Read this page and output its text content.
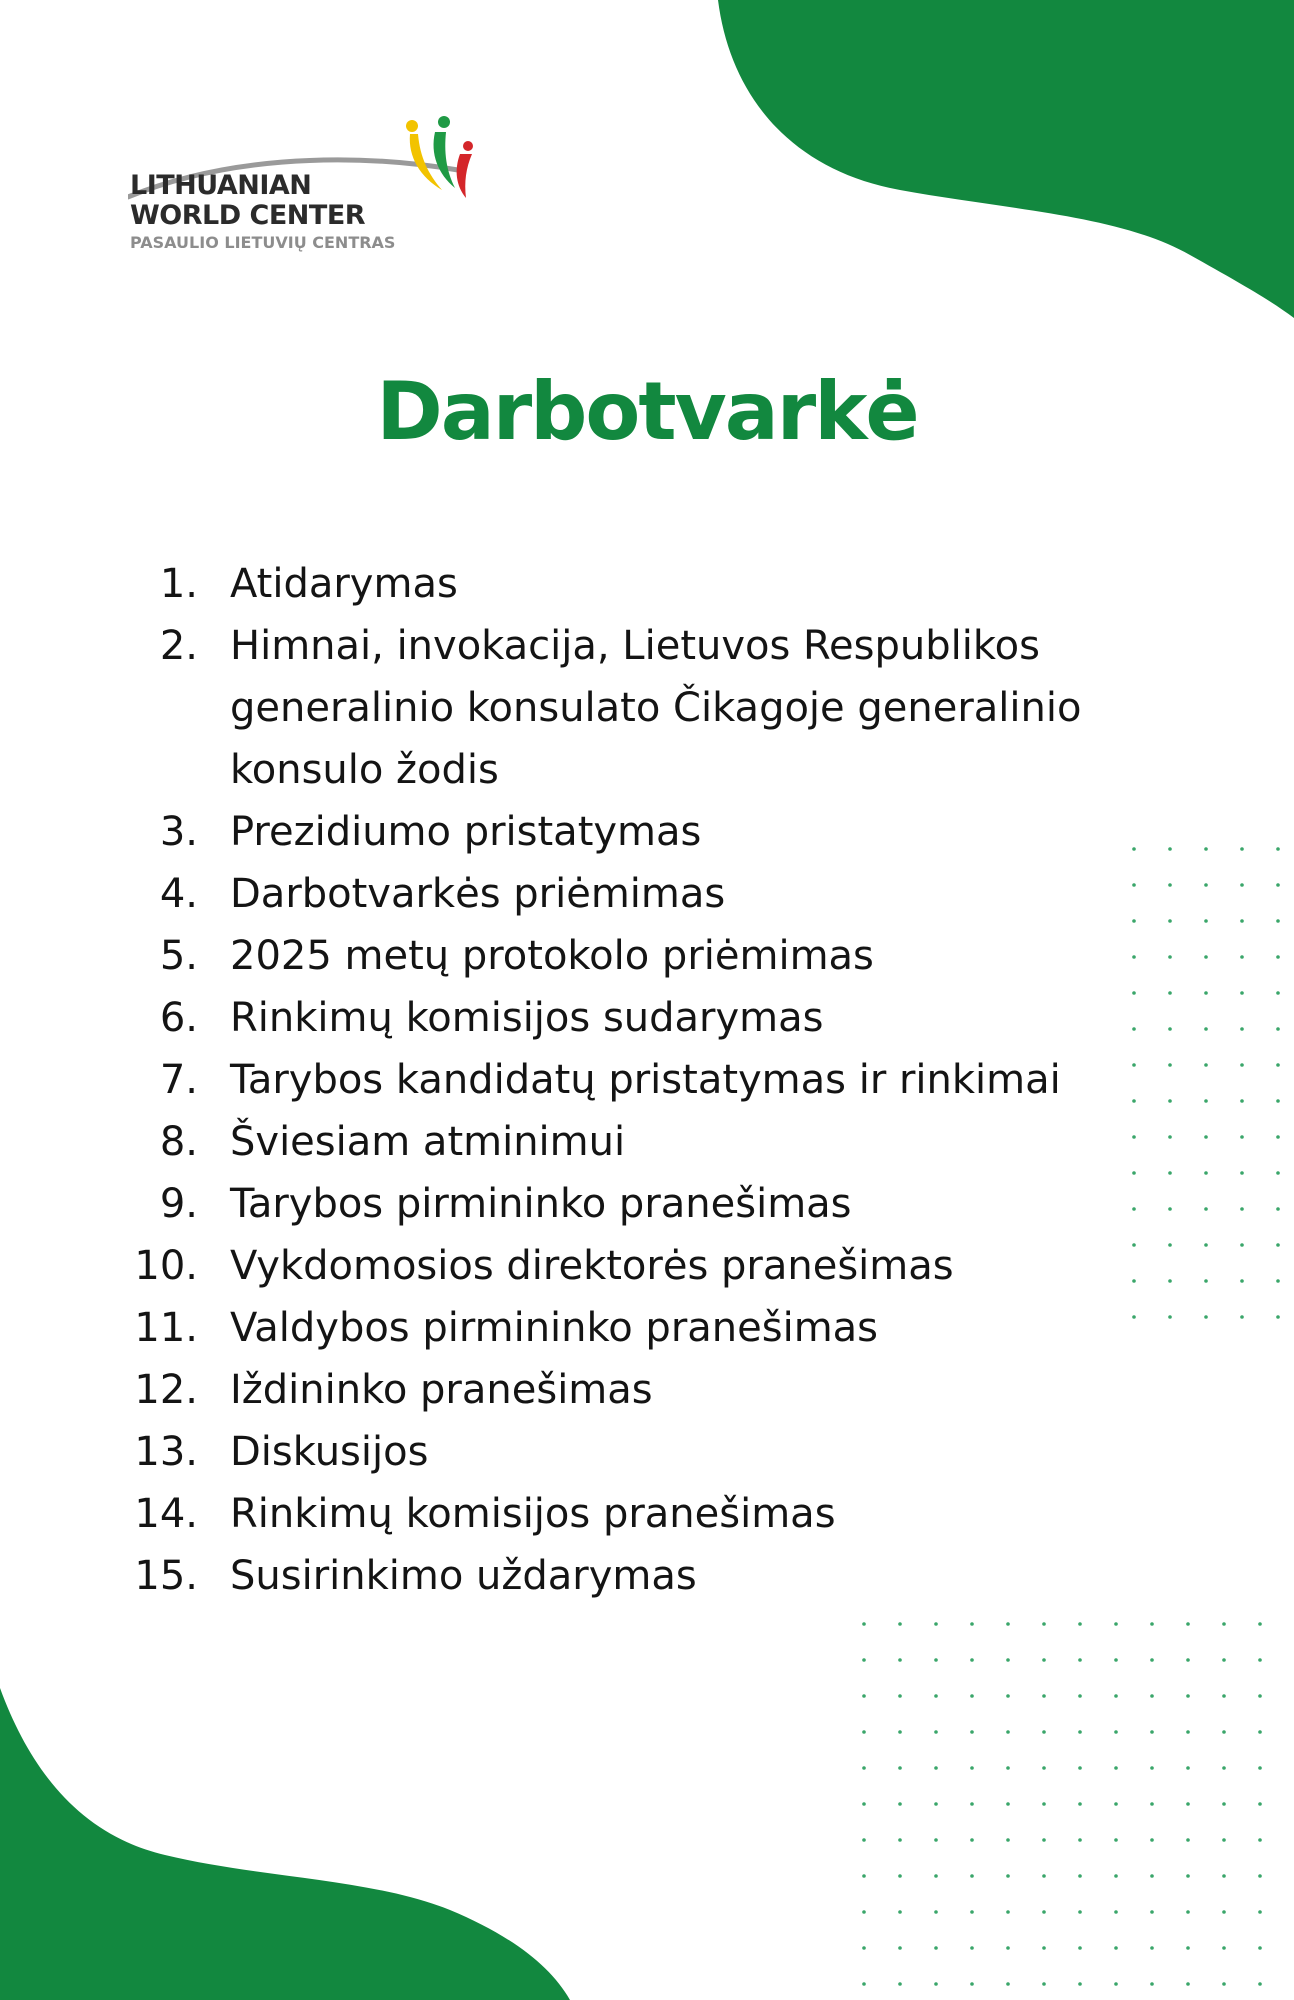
LITHUANIAN

WORLD CENTER

PASAULIO LIETUVIŲ CENTRAS

Darbotvarkė
1. Atidarymas
2. Himnai, invokacija, Lietuvos Respublikos generalinio konsulato Čikagoje generalinio konsulo žodis
3. Prezidiumo pristatymas
4. Darbotvarkės priėmimas
5. 2025 metų protokolo priėmimas
6. Rinkimų komisijos sudarymas
7. Tarybos kandidatų pristatymas ir rinkimai
8. Šviesiam atminimui
9. Tarybos pirmininko pranešimas
10. Vykdomosios direktorės pranešimas
11. Valdybos pirmininko pranešimas
12. Iždininko pranešimas
13. Diskusijos
14. Rinkimų komisijos pranešimas
15. Susirinkimo uždarymas
